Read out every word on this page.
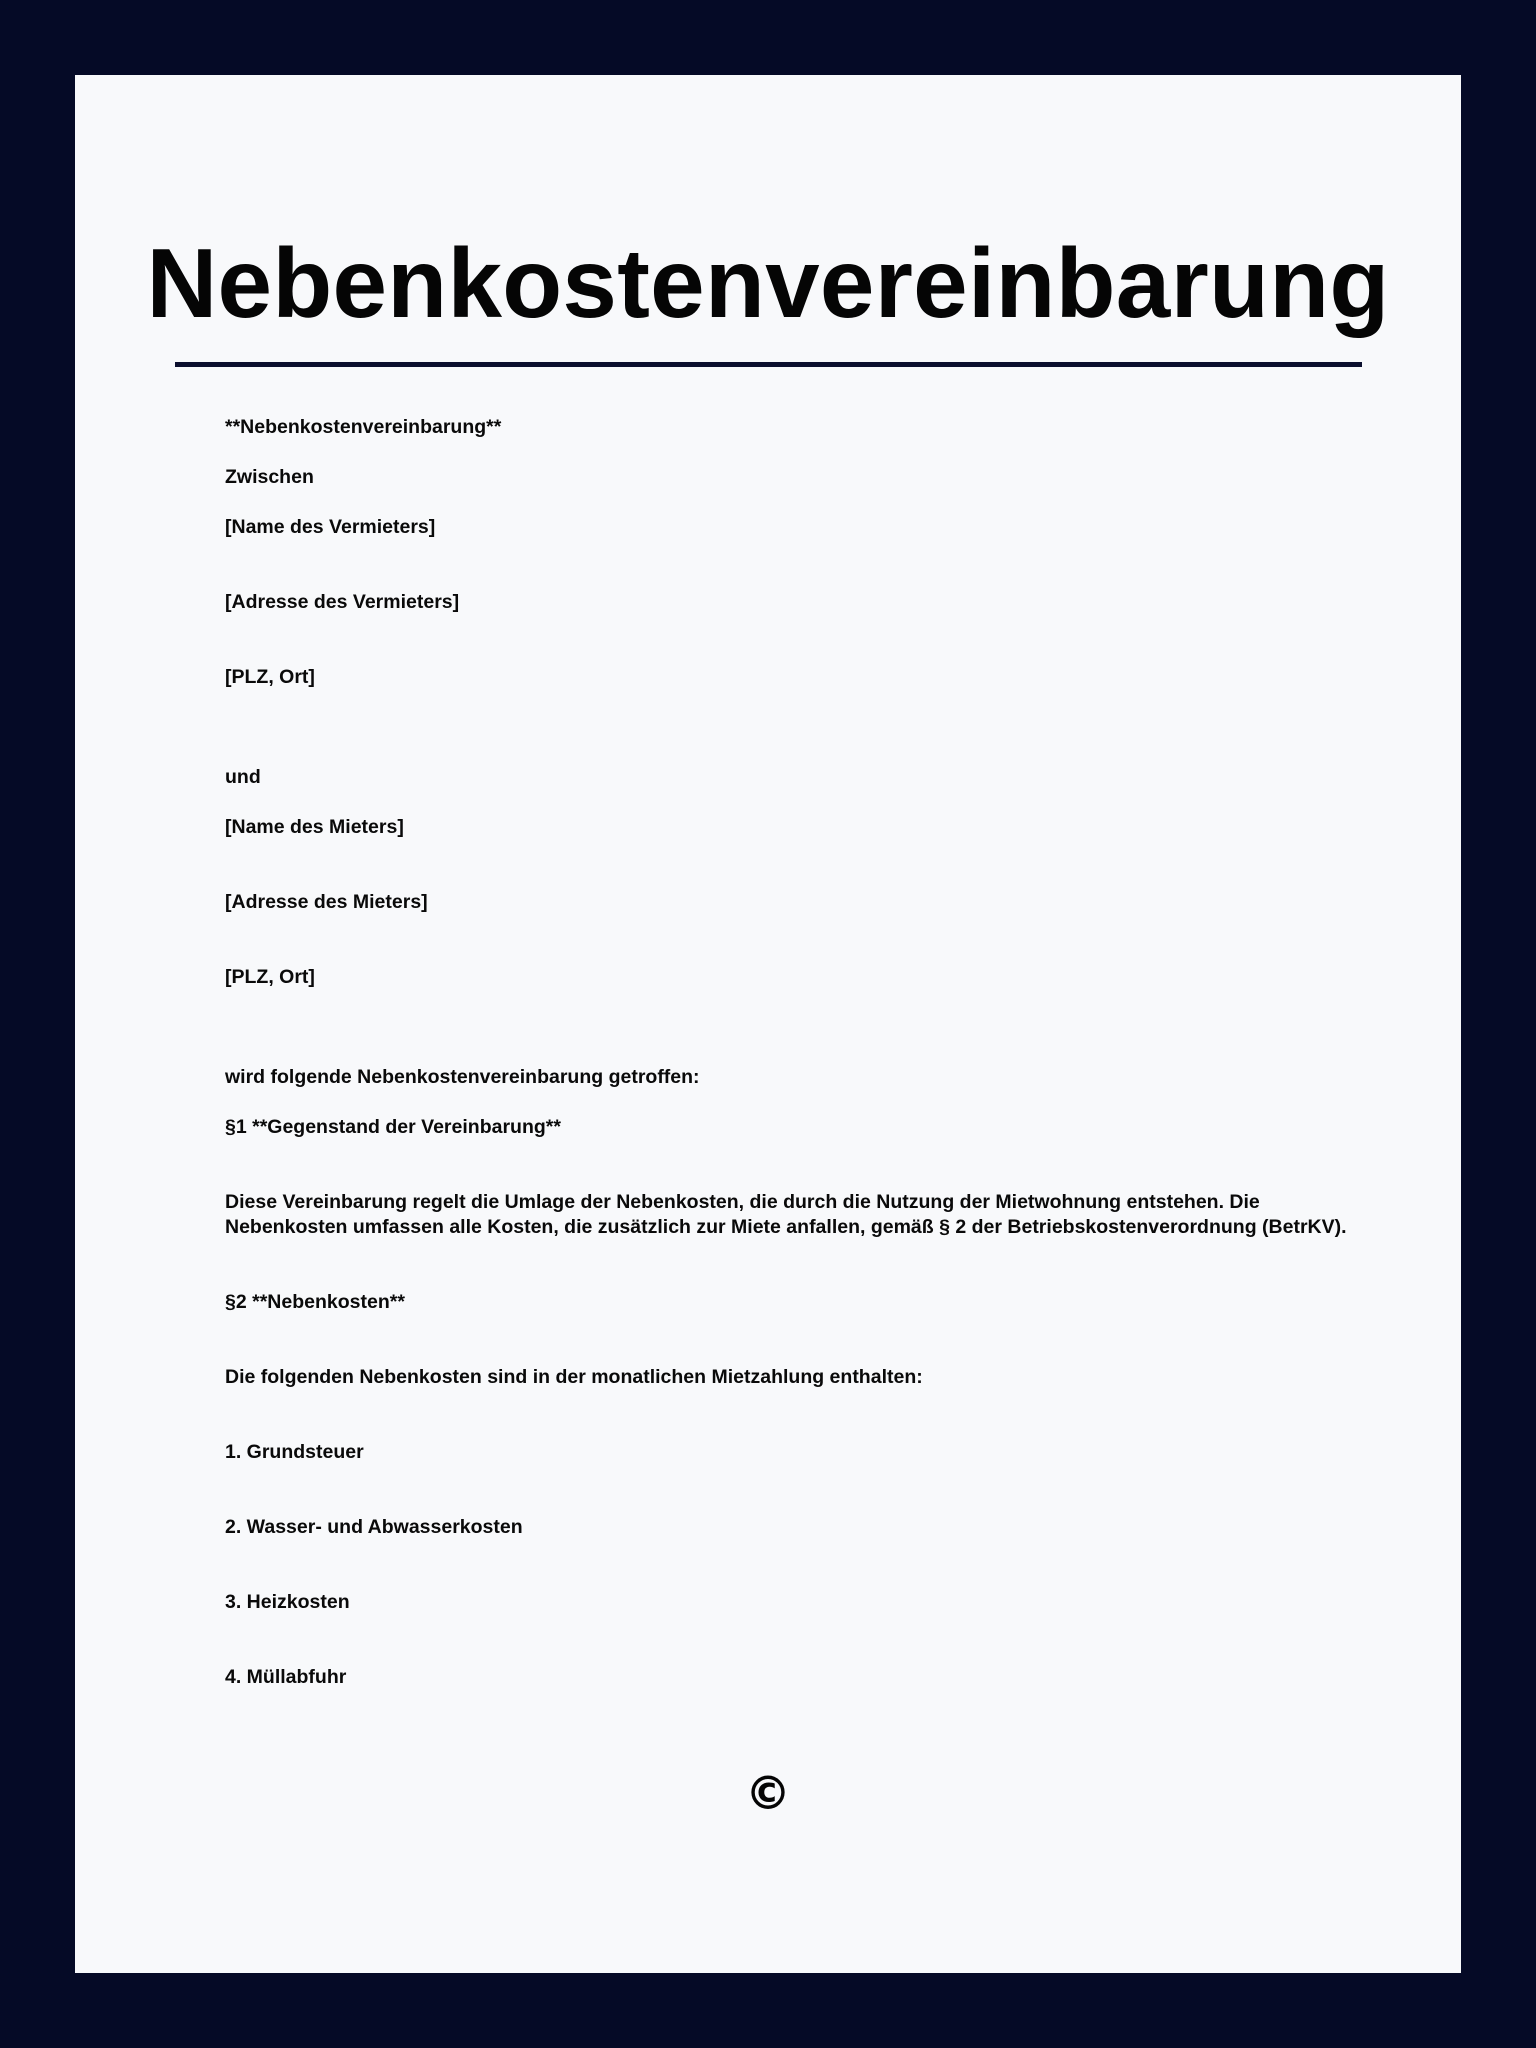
Nebenkostenvereinbarung

**Nebenkostenvereinbarung**

Zwischen

[Name des Vermieters]

[Adresse des Vermieters]

[PLZ, Ort]

und

[Name des Mieters]

[Adresse des Mieters]

[PLZ, Ort]

wird folgende Nebenkostenvereinbarung getroffen:

§1 **Gegenstand der Vereinbarung**

Diese Vereinbarung regelt die Umlage der Nebenkosten, die durch die Nutzung der Mietwohnung entstehen. Die Nebenkosten umfassen alle Kosten, die zusätzlich zur Miete anfallen, gemäß § 2 der Betriebskostenverordnung (BetrKV).

§2 **Nebenkosten**

Die folgenden Nebenkosten sind in der monatlichen Mietzahlung enthalten:

1. Grundsteuer

2. Wasser- und Abwasserkosten

3. Heizkosten

4. Müllabfuhr

©
